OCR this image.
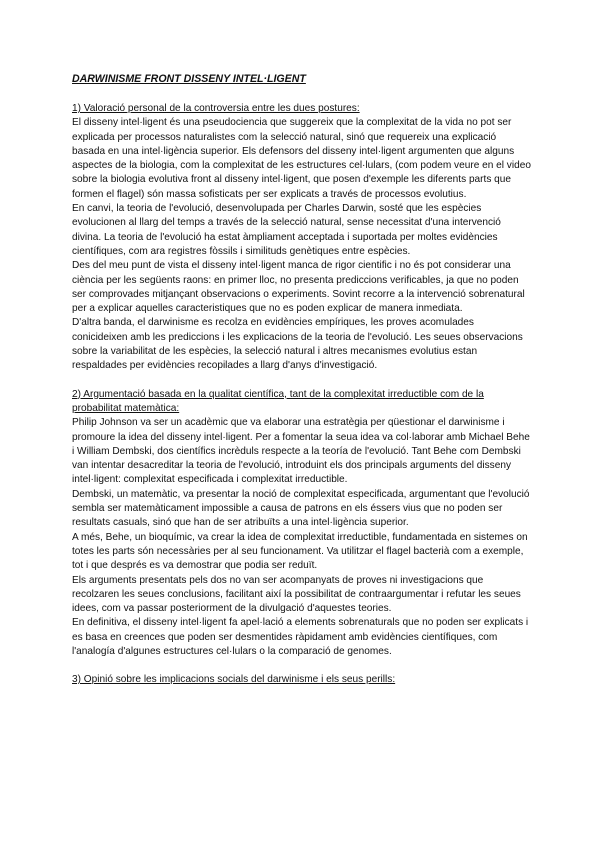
DARWINISME FRONT DISSENY INTEL·LIGENT

1) Valoració personal de la controversia entre les dues postures:

El disseny intel·ligent és una pseudociencia que suggereix que la complexitat de la vida no pot ser explicada per processos naturalistes com la selecció natural, sinó que requereix una explicació basada en una intel·ligència superior. Els defensors del disseny intel·ligent argumenten que alguns aspectes de la biologia, com la complexitat de les estructures cel·lulars, (com podem veure en el video sobre la biologia evolutiva front al disseny intel·ligent, que posen d'exemple les diferents parts que formen el flagel) són massa sofisticats per ser explicats a través de processos evolutius.

En canvi, la teoria de l'evolució, desenvolupada per Charles Darwin, sosté que les espècies evolucionen al llarg del temps a través de la selecció natural, sense necessitat d'una intervenció divina. La teoria de l'evolució ha estat àmpliament acceptada i suportada per moltes evidències científiques, com ara registres fòssils i similituds genètiques entre espècies.

Des del meu punt de vista el disseny intel·ligent manca de rigor cientific i no és pot considerar una ciència per les següents raons: en primer lloc, no presenta prediccions verificables, ja que no poden ser comprovades mitjançant observacions o experiments. Sovint recorre a la intervenció sobrenatural per a explicar aquelles caracteristiques que no es poden explicar de manera inmediata.

D'altra banda, el darwinisme es recolza en evidències empíriques, les proves acomulades conicideixen amb les prediccions i les explicacions de la teoria de l'evolució. Les seues observacions sobre la variabilitat de les espècies, la selecció natural i altres mecanismes evolutius estan respaldades per evidències recopilades a llarg d'anys d'investigació.

2) Argumentació basada en la qualitat científica, tant de la complexitat irreductible com de la probabilitat matemàtica:

Philip Johnson va ser un acadèmic que va elaborar una estratègia per qüestionar el darwinisme i promoure la idea del disseny intel·ligent. Per a fomentar la seua idea va col·laborar amb Michael Behe i William Dembski, dos científics incrèduls respecte a la teoría de l'evolució. Tant Behe com Dembski van intentar desacreditar la teoria de l'evolució, introduint els dos principals arguments del disseny intel·ligent: complexitat especificada i complexitat irreductible.

Dembski, un matemàtic, va presentar la noció de complexitat especificada, argumentant que l'evolució sembla ser matemàticament impossible a causa de patrons en els éssers vius que no poden ser resultats casuals, sinó que han de ser atribuïts a una intel·ligència superior.

A més, Behe, un bioquímic, va crear la idea de complexitat irreductible, fundamentada en sistemes on totes les parts són necessàries per al seu funcionament. Va utilitzar el flagel bacterià com a exemple, tot i que després es va demostrar que podia ser reduït.

Els arguments presentats pels dos no van ser acompanyats de proves ni investigacions que recolzaren les seues conclusions, facilitant així la possibilitat de contraargumentar i refutar les seues idees, com va passar posteriorment de la divulgació d'aquestes teories.

En definitiva, el disseny intel·ligent fa apel·lació a elements sobrenaturals que no poden ser explicats i es basa en creences que poden ser desmentides ràpidament amb evidències científiques, com l'analogía d'algunes estructures cel·lulars o la comparació de genomes.

3) Opinió sobre les implicacions socials del darwinisme i els seus perills:
